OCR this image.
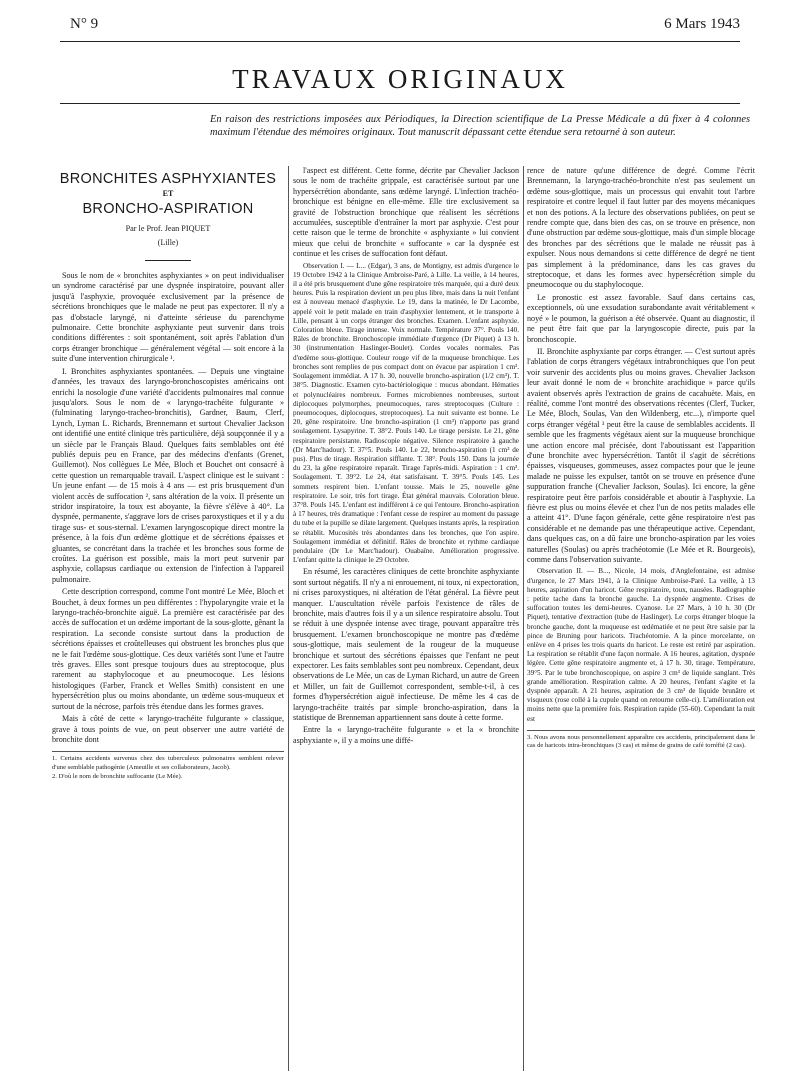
N° 9	6 Mars 1943
TRAVAUX ORIGINAUX
En raison des restrictions imposées aux Périodiques, la Direction scientifique de La Presse Médicale a dû fixer à 4 colonnes maximum l'étendue des mémoires originaux. Tout manuscrit dépassant cette étendue sera retourné à son auteur.
BRONCHITES ASPHYXIANTES
ET
BRONCHO-ASPIRATION
Par le Prof. Jean PIQUET
(Lille)

Sous le nom de « bronchites asphyxiantes » on peut individualiser un syndrome caractérisé par une dyspnée inspiratoire, pouvant aller jusqu'à l'asphyxie, provoquée exclusivement par la présence de sécrétions bronchiques que le malade ne peut pas expectorer. Il n'y a pas d'obstacle laryngé, ni d'atteinte sérieuse du parenchyme pulmonaire. Cette bronchite asphyxiante peut survenir dans trois conditions différentes : soit spontanément, soit après l'ablation d'un corps étranger bronchique — généralement végétal — soit encore à la suite d'une intervention chirurgicale ¹.

I. Bronchites asphyxiantes spontanées. — Depuis une vingtaine d'années, les travaux des laryngo-bronchoscopistes américains ont enrichi la nosologie d'une variété d'accidents pulmonaires mal connue jusqu'alors. Sous le nom de « laryngo-trachéite fulgurante » (fulminating laryngo-tracheo-bronchitis), Gardner, Baum, Clerf, Lynch, Lyman L. Richards, Brennemann et surtout Chevalier Jackson ont identifié une entité clinique très particulière, déjà soupçonnée il y a un siècle par le Français Blaud. Quelques faits semblables ont été publiés depuis peu en France, par des médecins d'enfants (Grenet, Guillemot). Nos collègues Le Mée, Bloch et Bouchet ont consacré à cette question un remarquable travail. L'aspect clinique est le suivant : Un jeune enfant — de 15 mois à 4 ans — est pris brusquement d'un violent accès de suffocation ², sans altération de la voix. Il présente un stridor inspiratoire, la toux est aboyante, la fièvre s'élève à 40°. La dyspnée, permanente, s'aggrave lors de crises paroxystiques et il y a du tirage sus- et sous-sternal. L'examen laryngoscopique direct montre la présence, à la fois d'un œdème glottique et de sécrétions épaisses et gluantes, se concrétant dans la trachée et les bronches sous forme de croûtes. La guérison est possible, mais la mort peut survenir par asphyxie, collapsus cardiaque ou extension de l'infection à l'appareil pulmonaire.

Cette description correspond, comme l'ont montré Le Mée, Bloch et Bouchet, à deux formes un peu différentes : l'hypolaryngite vraie et la laryngo-trachéo-bronchite aiguë. La première est caractérisée par des accès de suffocation et un œdème important de la sous-glotte, gênant la respiration. La seconde consiste surtout dans la production de sécrétions épaisses et croûtelleuses qui obstruent les bronches plus que ne le fait l'œdème sous-glottique. Ces deux variétés sont l'une et l'autre très graves. Elles sont presque toujours dues au streptocoque, plus rarement au staphylocoque et au pneumocoque. Les lésions histologiques (Farber, Franck et Welles Smith) consistent en une hypersécrétion plus ou moins abondante, un œdème sous-muqueux et surtout de la nécrose, parfois très étendue dans les formes graves.

Mais à côté de cette « laryngo-trachéite fulgurante » classique, grave à tous points de vue, on peut observer une autre variété de bronchite dont

1. Certains accidents survenus chez des tuberculeux pulmonaires semblent relever d'une semblable pathogénie (Ameuille et ses collaborateurs, Jacob).
2. D'où le nom de bronchite suffocante (Le Mée).

l'aspect est différent. Cette forme, décrite par Chevalier Jackson sous le nom de trachéite grippale, est caractérisée surtout par une hypersécrétion abondante, sans œdème laryngé. L'infection trachéo-bronchique est bénigne en elle-même. Elle tire exclusivement sa gravité de l'obstruction bronchique que réalisent les sécrétions accumulées, susceptible d'entraîner la mort par asphyxie. C'est pour cette raison que le terme de bronchite « asphyxiante » lui convient mieux que celui de bronchite « suffocante » car la dyspnée est continue et les crises de suffocation font défaut.

Observation I. — L... (Edgar), 3 ans, de Montigny, est admis d'urgence le 19 Octobre 1942 à la Clinique Ambroise-Paré, à Lille. La veille, à 14 heures, il a été pris brusquement d'une gêne respiratoire très marquée, qui a duré deux heures. Puis la respiration devient un peu plus libre, mais dans la nuit l'enfant est à nouveau menacé d'asphyxie. Le 19, dans la matinée, le Dr Lacombe, appelé voit le petit malade en train d'asphyxier lentement, et le transporte à Lille, pensant à un corps étranger des bronches. Examen. L'enfant asphyxie. Coloration bleue. Tirage intense. Voix normale. Température 37°. Pouls 140. Râles de bronchite. Bronchoscopie immédiate d'urgence (Dr Piquet) à 13 h. 30 (instrumentation Haslinger-Boulet). Cordes vocales normales. Pas d'œdème sous-glottique. Couleur rouge vif de la muqueuse bronchique. Les bronches sont remplies de pus compact dont on évacue par aspiration 1 cm³. Soulagement immédiat. A 17 h. 30, nouvelle broncho-aspiration (1/2 cm³). T. 38°5. Diagnostic. Examen cyto-bactériologique : mucus abondant. Hématies et polynucléaires nombreux. Formes microbiennes nombreuses, surtout diplocoques polymorphes, pneumocoques, rares streptocoques (Culture : pneumocoques, diplocoques, streptocoques). La nuit suivante est bonne. Le 20, gêne respiratoire. Une broncho-aspiration (1 cm³) n'apporte pas grand soulagement. Lysapyrine. T. 38°2. Pouls 140. Le tirage persiste. Le 21, gêne respiratoire persistante. Radioscopie négative. Silence respiratoire à gauche (Dr Marc'hadour). T. 37°5. Pouls 140. Le 22, broncho-aspiration (1 cm³ de pus). Plus de tirage. Respiration sifflante. T. 38°. Pouls 150. Dans la journée du 23, la gêne respiratoire reparaît. Tirage l'après-midi. Aspiration : 1 cm³. Soulagement. T. 39°2. Le 24, état satisfaisant. T. 39°5. Pouls 145. Les sommets respirent bien. L'enfant tousse. Mais le 25, nouvelle gêne respiratoire. Le soir, très fort tirage. État général mauvais. Coloration bleue. 37°8. Pouls 145. L'enfant est indifférent à ce qui l'entoure. Broncho-aspiration à 17 heures, très dramatique : l'enfant cesse de respirer au moment du passage du tube et la pupille se dilate largement. Quelques instants après, la respiration se rétablit. Mucosités très abondantes dans les bronches, que l'on aspire. Soulagement immédiat et définitif. Râles de bronchite et rythme cardiaque pendulaire (Dr Le Marc'hadour). Ouabaïne. Amélioration progressive. L'enfant quitte la clinique le 29 Octobre.

En résumé, les caractères cliniques de cette bronchite asphyxiante sont surtout négatifs. Il n'y a ni enrouement, ni toux, ni expectoration, ni crises paroxystiques, ni altération de l'état général. La fièvre peut manquer. L'auscultation révèle parfois l'existence de râles de bronchite, mais d'autres fois il y a un silence respiratoire absolu. Tout se réduit à une dyspnée intense avec tirage, pouvant apparaître très brusquement. L'examen bronchoscopique ne montre pas d'œdème sous-glottique, mais seulement de la rougeur de la muqueuse bronchique et surtout des sécrétions épaisses que l'enfant ne peut expectorer. Les faits semblables sont peu nombreux. Cependant, deux observations de Le Mée, un cas de Lyman Richard, un autre de Green et Miller, un fait de Guillemot correspondent, semble-t-il, à ces formes d'hypersécrétion aiguë infectieuse. De même les 4 cas de laryngo-trachéite traités par simple broncho-aspiration, dans la statistique de Brenneman appartiennent sans doute à cette forme.

Entre la « laryngo-trachéite fulgurante » et la « bronchite asphyxiante », il y a moins une diffé-

rence de nature qu'une différence de degré. Comme l'écrit Brennemann, la laryngo-trachéo-bronchite n'est pas seulement un œdème sous-glottique, mais un processus qui envahit tout l'arbre respiratoire et contre lequel il faut lutter par des moyens mécaniques et non des potions. A la lecture des observations publiées, on peut se rendre compte que, dans bien des cas, on se trouve en présence, non d'une obstruction par œdème sous-glottique, mais d'un simple blocage des bronches par des sécrétions que le malade ne réussit pas à expulser. Nous nous demandons si cette différence de degré ne tient pas simplement à la prédominance, dans les cas graves du streptocoque, et dans les formes avec hypersécrétion simple du pneumocoque ou du staphylocoque.

Le pronostic est assez favorable. Sauf dans certains cas, exceptionnels, où une exsudation surabondante avait véritablement « noyé » le poumon, la guérison a été observée. Quant au diagnostic, il ne peut être fait que par la laryngoscopie directe, puis par la bronchoscopie.

II. Bronchite asphyxiante par corps étranger. — C'est surtout après l'ablation de corps étrangers végétaux intrabronchiques que l'on peut voir survenir des accidents plus ou moins graves. Chevalier Jackson leur avait donné le nom de « bronchite arachidique » parce qu'ils avaient observés après l'extraction de grains de cacahuète. Mais, en réalité, comme l'ont montré des observations récentes (Clerf, Tucker, Le Mée, Bloch, Soulas, Van den Wildenberg, etc...), n'importe quel corps étranger végétal ³ peut être la cause de semblables accidents. Il semble que les fragments végétaux aient sur la muqueuse bronchique une action encore mal précisée, dont l'aboutissant est l'apparition d'une bronchite avec hypersécrétion. Tantôt il s'agit de sécrétions épaisses, visqueuses, gommeuses, assez compactes pour que le jeune malade ne puisse les expulser, tantôt on se trouve en présence d'une suppuration franche (Chevalier Jackson, Soulas). Ici encore, la gêne respiratoire peut être parfois considérable et aboutir à l'asphyxie. La fièvre est plus ou moins élevée et chez l'un de nos petits malades elle a atteint 41°. D'une façon générale, cette gêne respiratoire n'est pas considérable et ne demande pas une thérapeutique active. Cependant, dans quelques cas, on a dû faire une broncho-aspiration par les voies naturelles (Soulas) ou après trachéotomie (Le Mée et R. Bourgeois), comme dans l'observation suivante.

Observation II. — B..., Nicole, 14 mois, d'Anglefontaine, est admise d'urgence, le 27 Mars 1941, à la Clinique Ambroise-Paré. La veille, à 13 heures, aspiration d'un haricot. Gêne respiratoire, toux, nausées. Radiographie : petite tache dans la bronche gauche. La dyspnée augmente. Crises de suffocation toutes les demi-heures. Cyanose. Le 27 Mars, à 10 h. 30 (Dr Piquet), tentative d'extraction (tube de Haslinger). Le corps étranger bloque la bronche gauche, dont la muqueuse est œdématiée et ne peut être saisie par la pince de Bruning pour haricots. Trachéotomie. A la pince morcelante, on enlève en 4 prises les trois quarts du haricot. Le reste est retiré par aspiration. La respiration se rétablit d'une façon normale. A 16 heures, agitation, dyspnée légère. Cette gêne respiratoire augmente et, à 17 h. 30, tirage. Température, 39°5. Par le tube bronchoscopique, on aspire 3 cm³ de liquide sanglant. Très grande amélioration. Respiration calme. A 20 heures, l'enfant s'agite et la dyspnée apparaît. A 21 heures, aspiration de 3 cm³ de liquide brunâtre et visqueux (rose collé à la cupule quand on retourne celle-ci). L'amélioration est moins nette que la première fois. Respiration rapide (55-60). Cependant la nuit est

3. Nous avons nous personnellement apparaître ces accidents, principalement dans le cas de haricots intra-bronchiques (3 cas) et même de grains de café torréfié (2 cas).
